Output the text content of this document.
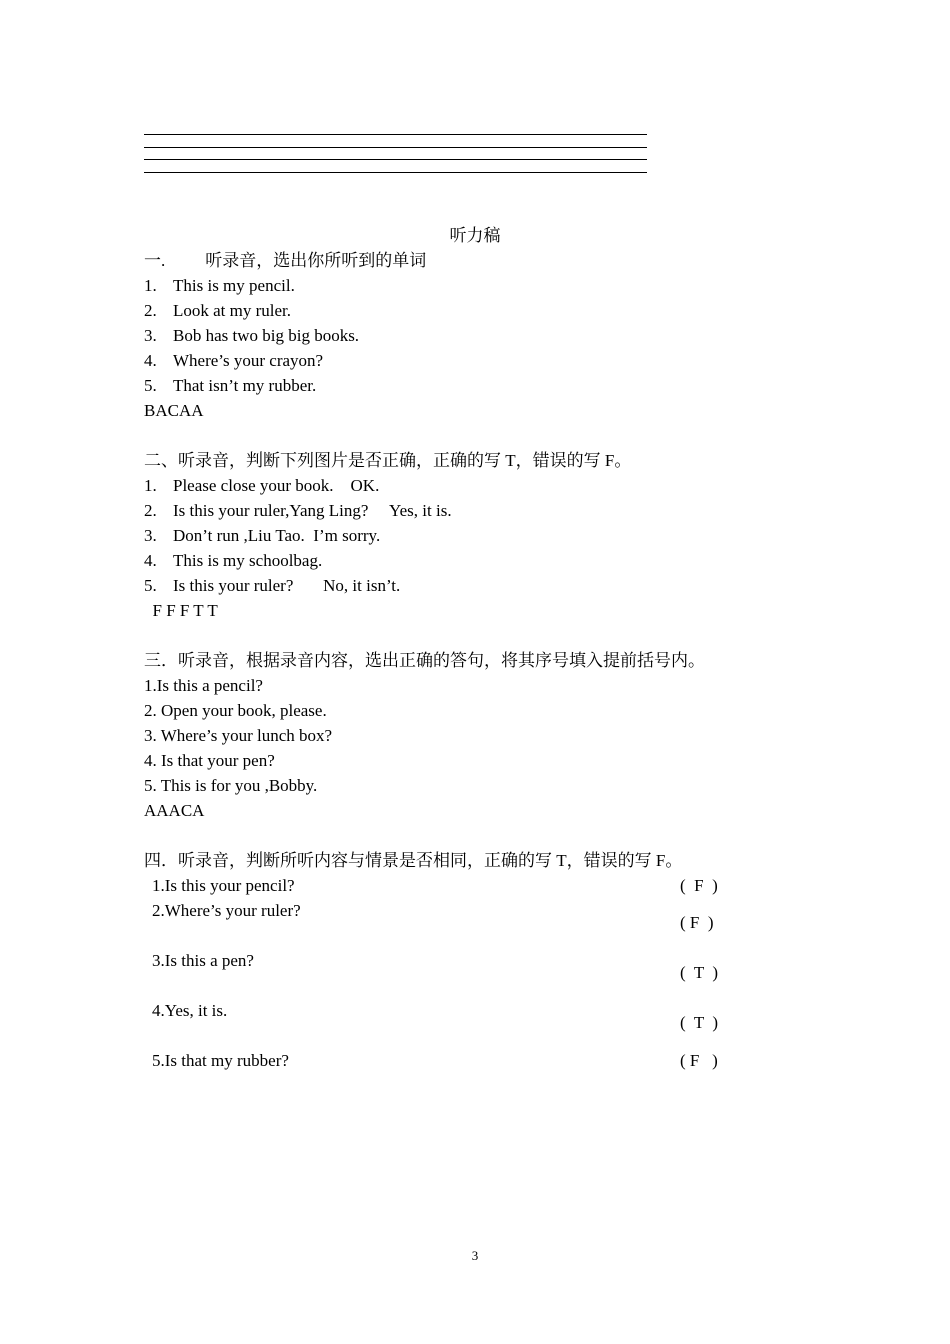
听力稿
一. 听录音，选出你所听到的单词
1. This is my pencil.
2. Look at my ruler.
3. Bob has two big big books.
4. Where’s your crayon?
5. That isn’t my rubber.
BACAA
二、听录音，判断下列图片是否正确，正确的写 T，错误的写 F。
1. Please close your book.    OK.
2. Is this your ruler,Yang Ling?     Yes, it is.
3. Don’t run ,Liu Tao.  I’m sorry.
4. This is my schoolbag.
5. Is this your ruler?       No, it isn’t.
F F F T T
三．听录音，根据录音内容，选出正确的答句，将其序号填入提前括号内。
1.Is this a pencil?
2. Open your book, please.
3. Where’s your lunch box?
4. Is that your pen?
5. This is for you ,Bobby.
AAACA
四．听录音，判断所听内容与情景是否相同，正确的写 T，错误的写 F。
1.Is this your pencil?	(  F  )
2.Where’s your ruler?
( F  )
3.Is this a pen?
(  T  )
4.Yes, it is.
(  T  )
5.Is that my rubber?	( F   )
3
